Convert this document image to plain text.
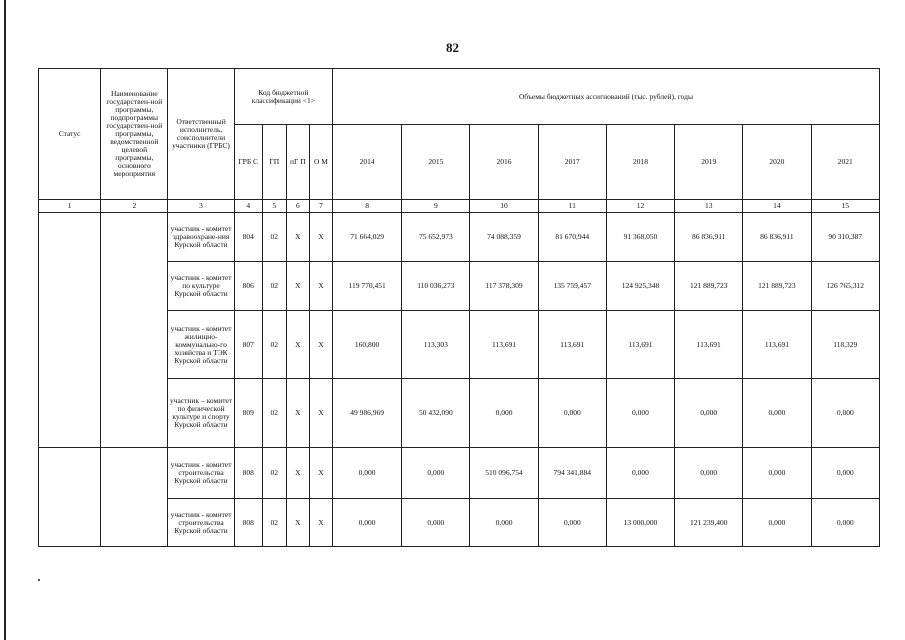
82
Статус	Наименование государствен-ной программы, подпрограммы государствен-ной программы, ведомственной целевой программы, основного мероприятия	Ответственный исполнитель, соисполнители участники (ГРБС)	Код бюджетной классификации <1>				Объемы бюджетных ассигнований (тыс. рублей), годы							
			ГРБ С	ГП	пГ П	О М	2014	2015	2016	2017	2018	2019	2020	2021
1	2	3	4	5	6	7	8	9	10	11	12	13	14	15
		участник - комитет здравоохране-ния Курской области	804	02	Х	Х	71 664,029	75 652,973	74 088,359	81 670,944	91 368,050	86 836,911	86 836,911	90 310,387
		участник - комитет по культуре Курской области	806	02	Х	Х	119 770,451	110 036,273	117 378,309	135 759,457	124 925,348	121 889,723	121 889,723	126 765,312
		участник - комитет жилищно-коммунально-го хозяйства и ТЭК Курской области	807	02	Х	Х	160,800	113,303	113,691	113,691	113,691	113,691	113,691	118,329
		участник – комитет по физической культуре и спорту Курской области	809	02	Х	Х	49 986,969	50 432,090	0,000	0,000	0,000	0,000	0,000	0,000
		участник - комитет строительства Курской области	808	02	Х	Х	0,000	0,000	510 096,754	794 341,884	0,000	0,000	0,000	0,000
		участник - комитет строительства Курской области	808	02	Х	Х	0,000	0,000	0,000	0,000	13 000,000	121 239,400	0,000	0,000
